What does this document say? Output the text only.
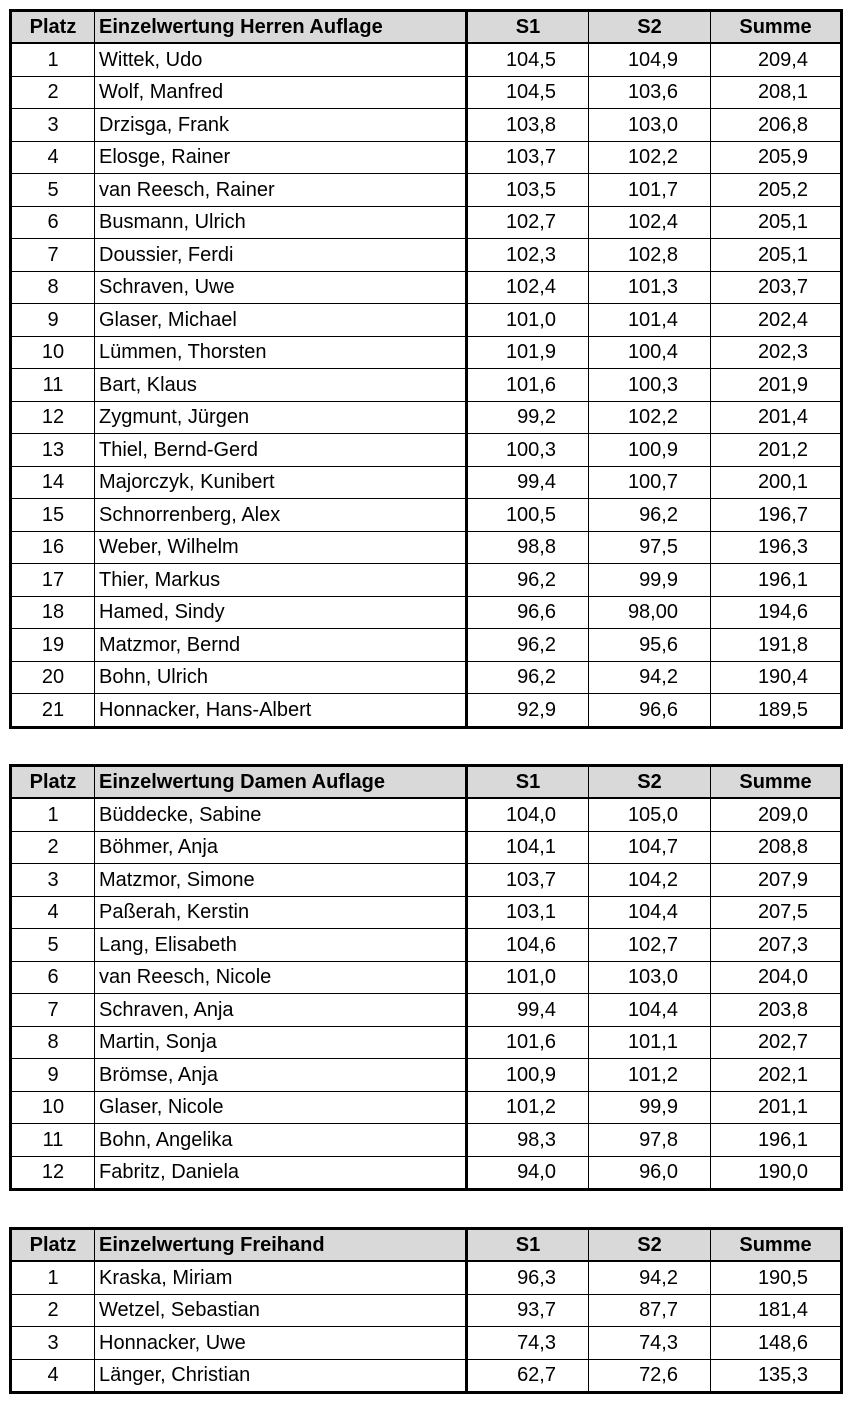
Platz	Einzelwertung Herren Auflage	S1	S2	Summe
1	Wittek, Udo	104,5	104,9	209,4
2	Wolf, Manfred	104,5	103,6	208,1
3	Drzisga, Frank	103,8	103,0	206,8
4	Elosge, Rainer	103,7	102,2	205,9
5	van Reesch, Rainer	103,5	101,7	205,2
6	Busmann, Ulrich	102,7	102,4	205,1
7	Doussier, Ferdi	102,3	102,8	205,1
8	Schraven, Uwe	102,4	101,3	203,7
9	Glaser, Michael	101,0	101,4	202,4
10	Lümmen, Thorsten	101,9	100,4	202,3
11	Bart, Klaus	101,6	100,3	201,9
12	Zygmunt, Jürgen	99,2	102,2	201,4
13	Thiel, Bernd-Gerd	100,3	100,9	201,2
14	Majorczyk, Kunibert	99,4	100,7	200,1
15	Schnorrenberg, Alex	100,5	96,2	196,7
16	Weber, Wilhelm	98,8	97,5	196,3
17	Thier, Markus	96,2	99,9	196,1
18	Hamed, Sindy	96,6	98,00	194,6
19	Matzmor, Bernd	96,2	95,6	191,8
20	Bohn, Ulrich	96,2	94,2	190,4
21	Honnacker, Hans-Albert	92,9	96,6	189,5
Platz	Einzelwertung Damen Auflage	S1	S2	Summe
1	Büddecke, Sabine	104,0	105,0	209,0
2	Böhmer, Anja	104,1	104,7	208,8
3	Matzmor, Simone	103,7	104,2	207,9
4	Paßerah, Kerstin	103,1	104,4	207,5
5	Lang, Elisabeth	104,6	102,7	207,3
6	van Reesch, Nicole	101,0	103,0	204,0
7	Schraven, Anja	99,4	104,4	203,8
8	Martin, Sonja	101,6	101,1	202,7
9	Brömse, Anja	100,9	101,2	202,1
10	Glaser, Nicole	101,2	99,9	201,1
11	Bohn, Angelika	98,3	97,8	196,1
12	Fabritz, Daniela	94,0	96,0	190,0
Platz	Einzelwertung Freihand	S1	S2	Summe
1	Kraska, Miriam	96,3	94,2	190,5
2	Wetzel, Sebastian	93,7	87,7	181,4
3	Honnacker, Uwe	74,3	74,3	148,6
4	Länger, Christian	62,7	72,6	135,3
